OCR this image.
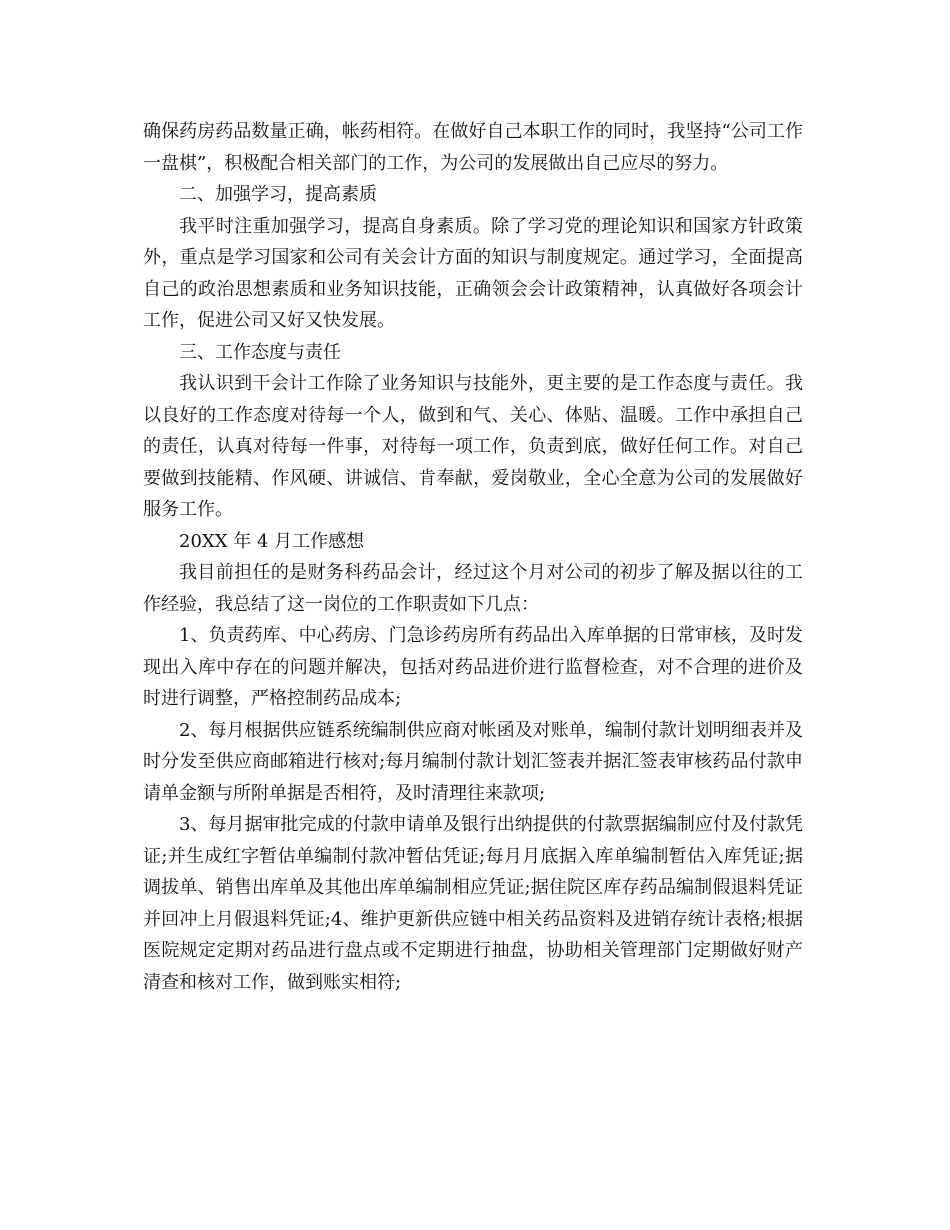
确保药房药品数量正确，帐药相符。在做好自己本职工作的同时，我坚持“公司工作一盘棋”，积极配合相关部门的工作，为公司的发展做出自己应尽的努力。

二、加强学习，提高素质

我平时注重加强学习，提高自身素质。除了学习党的理论知识和国家方针政策外，重点是学习国家和公司有关会计方面的知识与制度规定。通过学习，全面提高自己的政治思想素质和业务知识技能，正确领会会计政策精神，认真做好各项会计工作，促进公司又好又快发展。

三、工作态度与责任

我认识到干会计工作除了业务知识与技能外，更主要的是工作态度与责任。我以良好的工作态度对待每一个人，做到和气、关心、体贴、温暖。工作中承担自己的责任，认真对待每一件事，对待每一项工作，负责到底，做好任何工作。对自己要做到技能精、作风硬、讲诚信、肯奉献，爱岗敬业，全心全意为公司的发展做好服务工作。

20XX 年 4 月工作感想

我目前担任的是财务科药品会计，经过这个月对公司的初步了解及据以往的工作经验，我总结了这一岗位的工作职责如下几点：

1、负责药库、中心药房、门急诊药房所有药品出入库单据的日常审核，及时发现出入库中存在的问题并解决，包括对药品进价进行监督检查，对不合理的进价及时进行调整，严格控制药品成本;

2、每月根据供应链系统编制供应商对帐函及对账单，编制付款计划明细表并及时分发至供应商邮箱进行核对;每月编制付款计划汇签表并据汇签表审核药品付款申请单金额与所附单据是否相符，及时清理往来款项;

3、每月据审批完成的付款申请单及银行出纳提供的付款票据编制应付及付款凭证;并生成红字暂估单编制付款冲暂估凭证;每月月底据入库单编制暂估入库凭证;据调拔单、销售出库单及其他出库单编制相应凭证;据住院区库存药品编制假退料凭证并回冲上月假退料凭证;4、维护更新供应链中相关药品资料及进销存统计表格;根据医院规定定期对药品进行盘点或不定期进行抽盘，协助相关管理部门定期做好财产清查和核对工作，做到账实相符;
